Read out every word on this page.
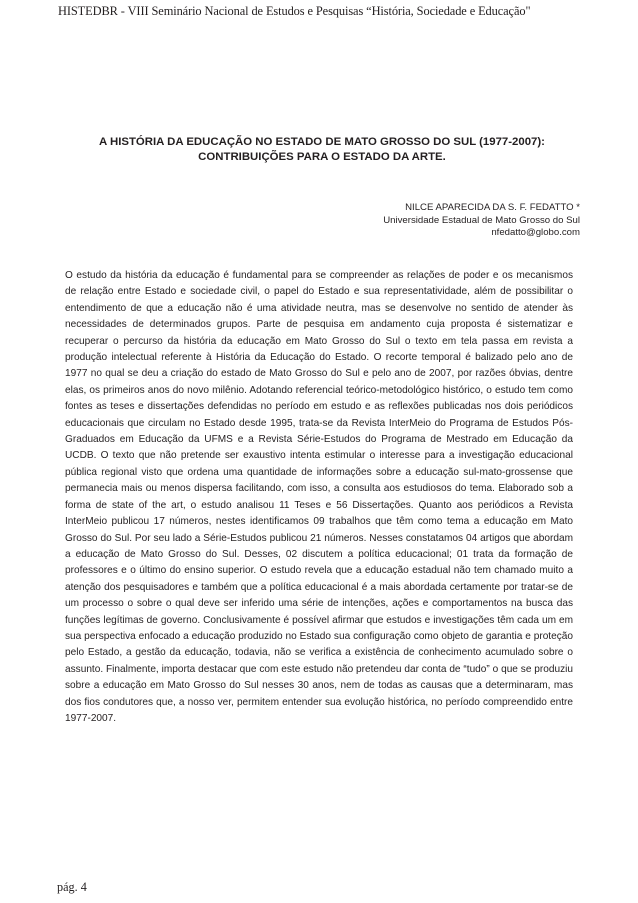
HISTEDBR - VIII Seminário Nacional de Estudos e Pesquisas “História, Sociedade e Educação"
A HISTÓRIA DA EDUCAÇÃO NO ESTADO DE MATO GROSSO DO SUL (1977-2007):
CONTRIBUIÇÕES PARA O ESTADO DA ARTE.
NILCE APARECIDA DA S. F. FEDATTO *
Universidade Estadual de Mato Grosso do Sul
nfedatto@globo.com
O estudo da história da educação é fundamental para se compreender as relações de poder e os mecanismos de relação entre Estado e sociedade civil, o papel do Estado e sua representatividade, além de possibilitar o entendimento de que a educação não é uma atividade neutra, mas se desenvolve no sentido de atender às necessidades de determinados grupos. Parte de pesquisa em andamento cuja proposta é sistematizar e recuperar o percurso da história da educação em Mato Grosso do Sul o texto em tela passa em revista a produção intelectual referente à História da Educação do Estado. O recorte temporal é balizado pelo ano de 1977 no qual se deu a criação do estado de Mato Grosso do Sul e pelo ano de 2007, por razões óbvias, dentre elas, os primeiros anos do novo milênio. Adotando referencial teórico-metodológico histórico, o estudo tem como fontes as teses e dissertações defendidas no período em estudo e as reflexões publicadas nos dois periódicos educacionais que circulam no Estado desde 1995, trata-se da Revista InterMeio do Programa de Estudos Pós-Graduados em Educação da UFMS e a Revista Série-Estudos do Programa de Mestrado em Educação da UCDB. O texto que não pretende ser exaustivo intenta estimular o interesse para a investigação educacional pública regional visto que ordena uma quantidade de informações sobre a educação sul-mato-grossense que permanecia mais ou menos dispersa facilitando, com isso, a consulta aos estudiosos do tema. Elaborado sob a forma de state of the art, o estudo analisou 11 Teses e 56 Dissertações. Quanto aos periódicos a Revista InterMeio publicou 17 números, nestes identificamos 09 trabalhos que têm como tema a educação em Mato Grosso do Sul. Por seu lado a Série-Estudos publicou 21 números. Nesses constatamos 04 artigos que abordam a educação de Mato Grosso do Sul. Desses, 02 discutem a política educacional; 01 trata da formação de professores e o último do ensino superior. O estudo revela que a educação estadual não tem chamado muito a atenção dos pesquisadores e também que a política educacional é a mais abordada certamente por tratar-se de um processo o sobre o qual deve ser inferido uma série de intenções, ações e comportamentos na busca das funções legítimas de governo. Conclusivamente é possível afirmar que estudos e investigações têm cada um em sua perspectiva enfocado a educação produzido no Estado sua configuração como objeto de garantia e proteção pelo Estado, a gestão da educação, todavia, não se verifica a existência de conhecimento acumulado sobre o assunto. Finalmente, importa destacar que com este estudo não pretendeu dar conta de “tudo” o que se produziu sobre a educação em Mato Grosso do Sul nesses 30 anos, nem de todas as causas que a determinaram, mas dos fios condutores que, a nosso ver, permitem entender sua evolução histórica, no período compreendido entre 1977-2007.
pág. 4
